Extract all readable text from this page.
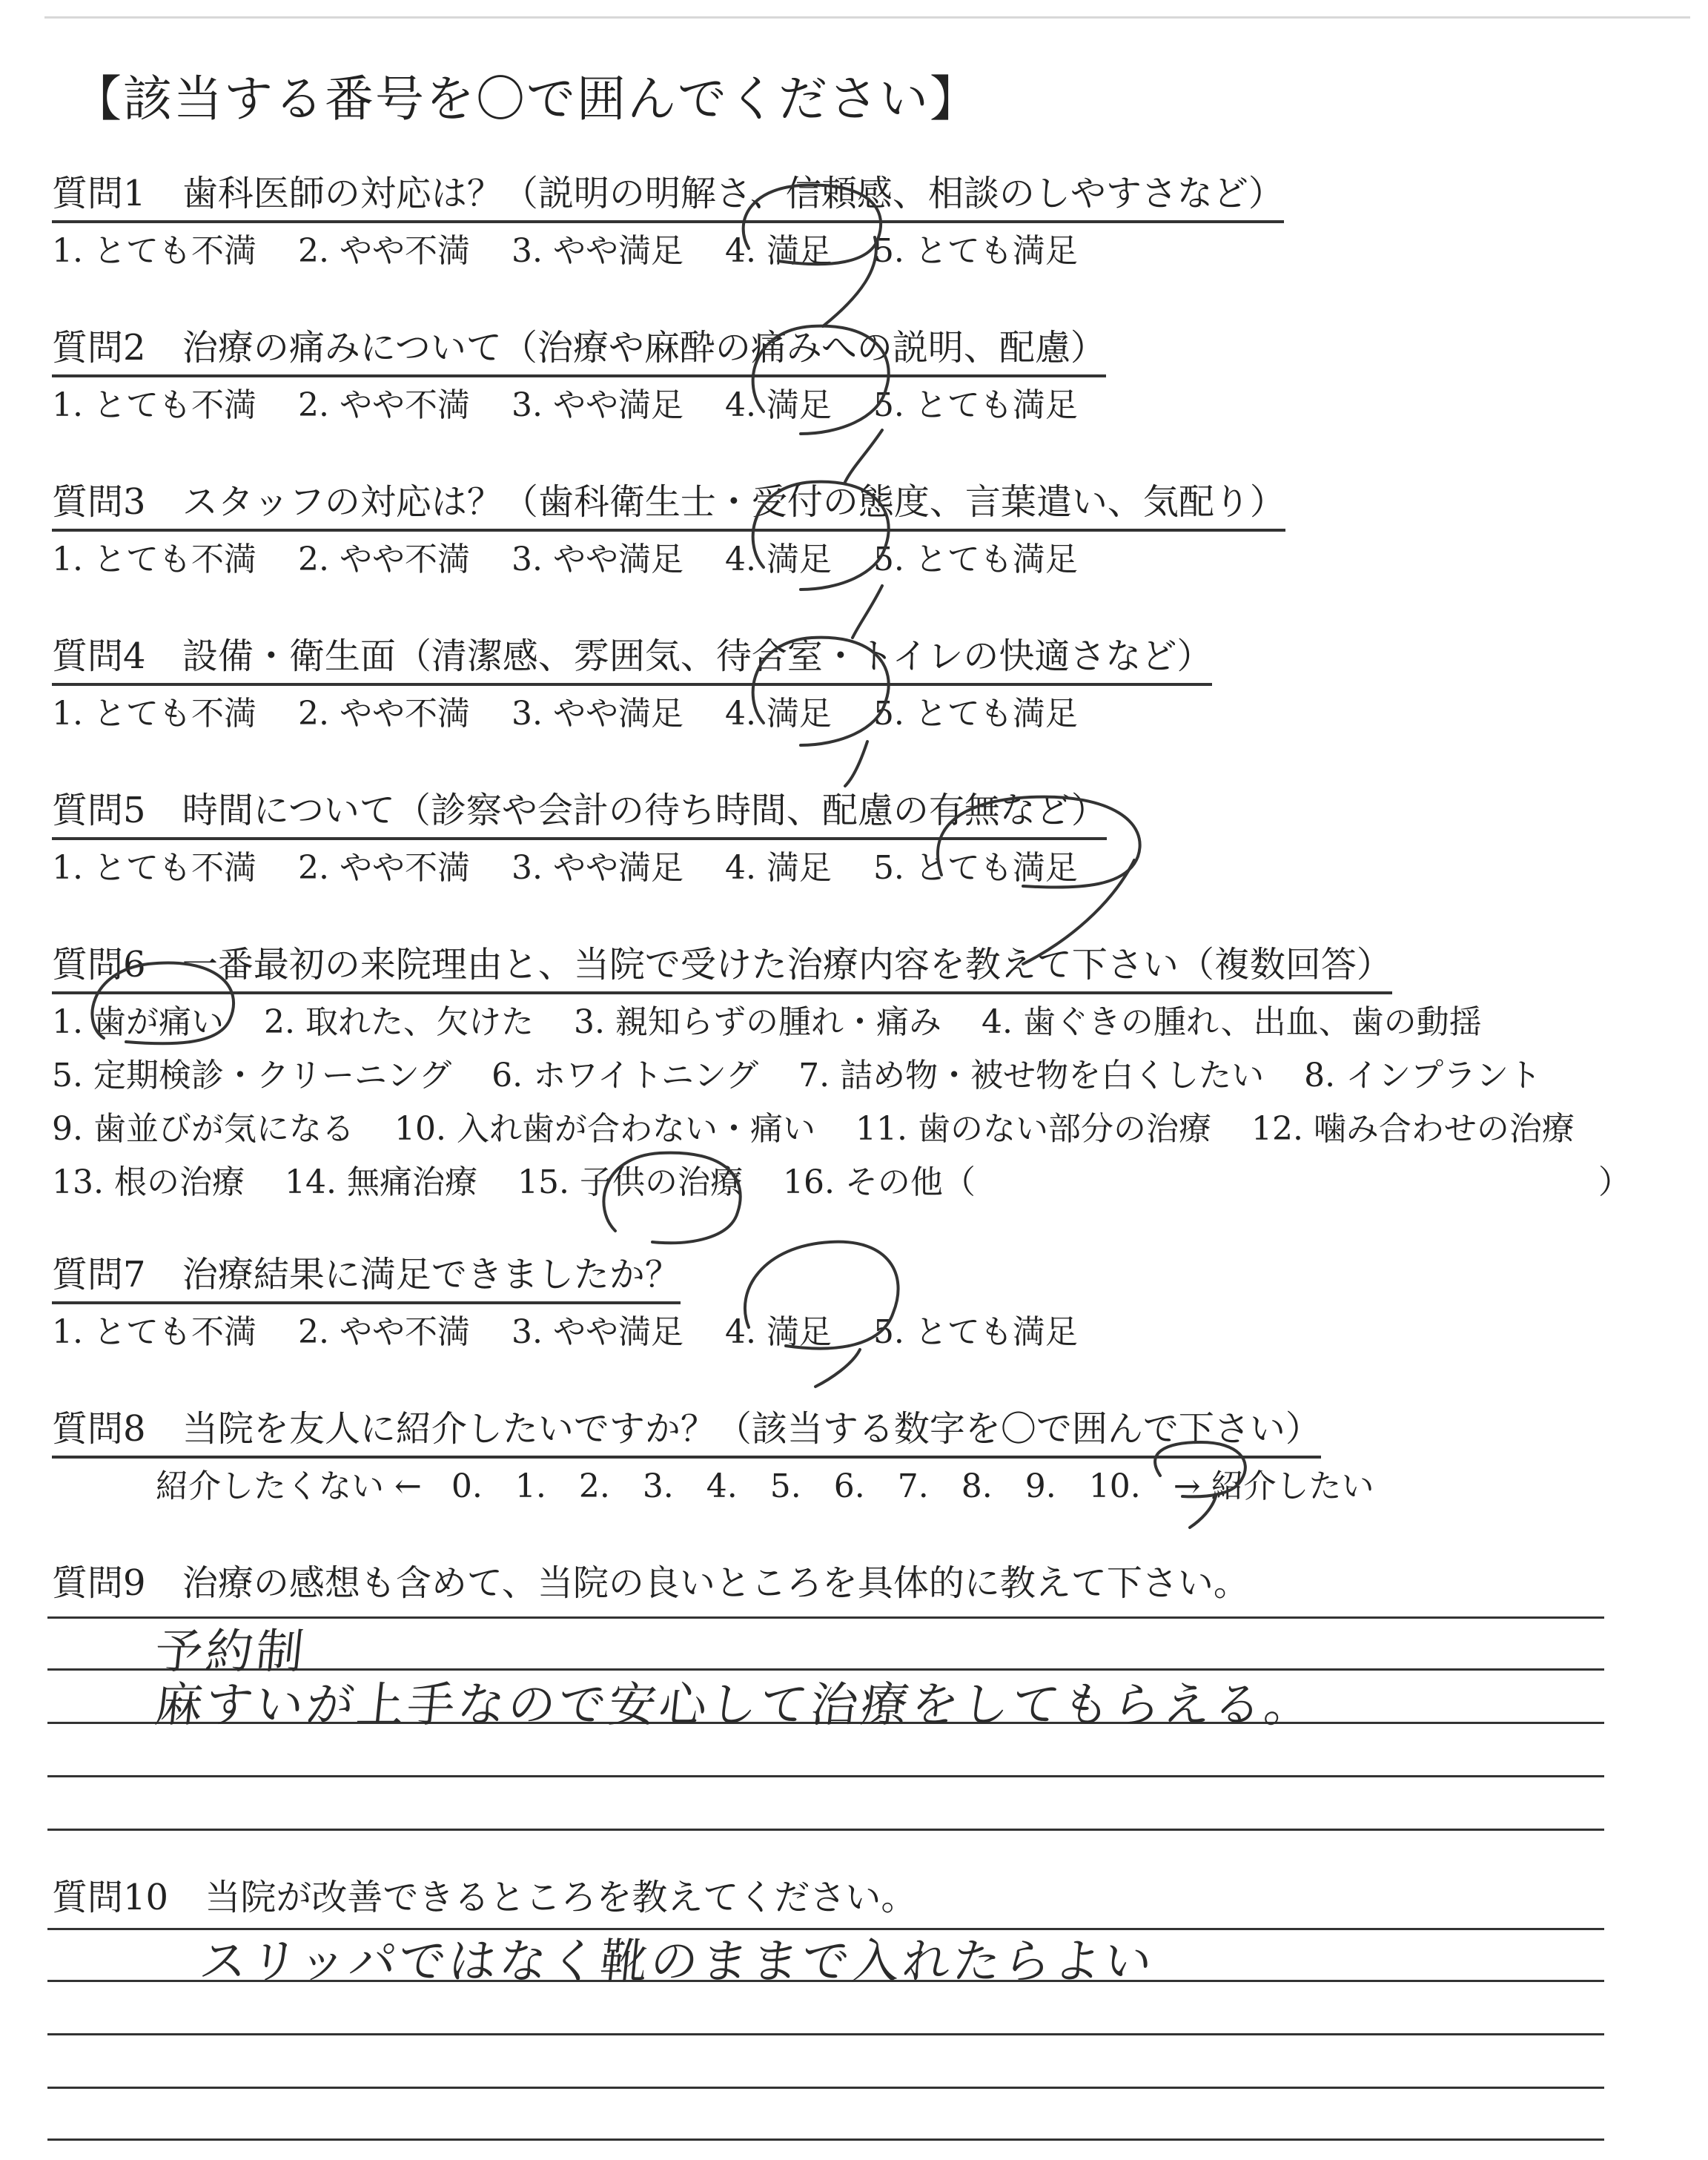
【該当する番号を〇で囲んでください】
質問1 歯科医師の対応は？（説明の明解さ、信頼感、相談のしやすさなど）
1. とても不満 2. やや不満 3. やや満足 4. 満足 5. とても満足
質問2 治療の痛みについて（治療や麻酔の痛みへの説明、配慮）
1. とても不満 2. やや不満 3. やや満足 4. 満足 5. とても満足
質問3 スタッフの対応は？（歯科衛生士・受付の態度、言葉遣い、気配り）
1. とても不満 2. やや不満 3. やや満足 4. 満足 5. とても満足
質問4 設備・衛生面（清潔感、雰囲気、待合室・トイレの快適さなど）
1. とても不満 2. やや不満 3. やや満足 4. 満足 5. とても満足
質問5 時間について（診察や会計の待ち時間、配慮の有無など）
1. とても不満 2. やや不満 3. やや満足 4. 満足 5. とても満足
質問6 一番最初の来院理由と、当院で受けた治療内容を教えて下さい（複数回答）
1. 歯が痛い 2. 取れた、欠けた 3. 親知らずの腫れ・痛み 4. 歯ぐきの腫れ、出血、歯の動揺
5. 定期検診・クリーニング 6. ホワイトニング 7. 詰め物・被せ物を白くしたい 8. インプラント
9. 歯並びが気になる 10. 入れ歯が合わない・痛い 11. 歯のない部分の治療 12. 噛み合わせの治療
13. 根の治療 14. 無痛治療 15. 子供の治療 16. その他（	）
質問7 治療結果に満足できましたか？
1. とても不満 2. やや不満 3. やや満足 4. 満足 5. とても満足
質問8 当院を友人に紹介したいですか？（該当する数字を〇で囲んで下さい）
紹介したくない ← 0. 1. 2. 3. 4. 5. 6. 7. 8. 9. 10. → 紹介したい
質問9 治療の感想も含めて、当院の良いところを具体的に教えて下さい。
予約制
麻すいが上手なので安心して治療をしてもらえる。
質問10 当院が改善できるところを教えてください。
スリッパではなく靴のままで入れたらよい
